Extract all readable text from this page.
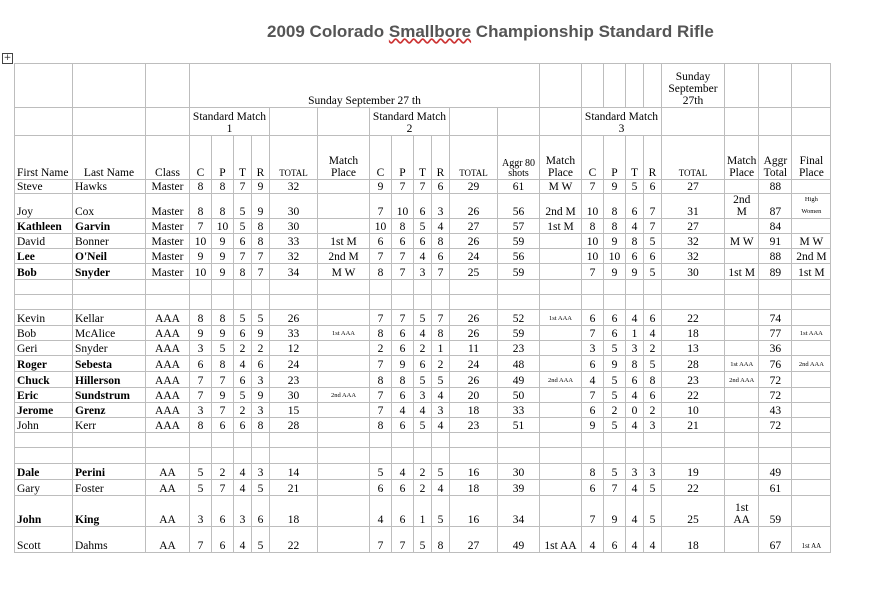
2009 Colorado Smallbore Championship Standard Rifle
+
			Sunday September 27 th																	Sunday September 27th			
			Standard Match 1						Standard Match 2							Standard Match 3							
First Name	Last Name	Class	C	P	T	R	TOTAL	Match Place	C	P	T	R	TOTAL	Aggr 80 shots	Match Place	C	P	T	R	TOTAL	Match Place	Aggr Total	Final Place
Steve	Hawks	Master	8	8	7	9	32		9	7	7	6	29	61	M W	7	9	5	6	27		88	
Joy	Cox	Master	8	8	5	9	30		7	10	6	3	26	56	2nd M	10	8	6	7	31	2nd M	87	High Women
Kathleen	Garvin	Master	7	10	5	8	30		10	8	5	4	27	57	1st M	8	8	4	7	27		84	
David	Bonner	Master	10	9	6	8	33	1st M	6	6	6	8	26	59		10	9	8	5	32	M W	91	M W
Lee	O'Neil	Master	9	9	7	7	32	2nd M	7	7	4	6	24	56		10	10	6	6	32		88	2nd M
Bob	Snyder	Master	10	9	8	7	34	M W	8	7	3	7	25	59		7	9	9	5	30	1st M	89	1st M

Kevin	Kellar	AAA	8	8	5	5	26		7	7	5	7	26	52	1st AAA	6	6	4	6	22		74	
Bob	McAlice	AAA	9	9	6	9	33	1st AAA	8	6	4	8	26	59		7	6	1	4	18		77	1st AAA
Geri	Snyder	AAA	3	5	2	2	12		2	6	2	1	11	23		3	5	3	2	13		36	
Roger	Sebesta	AAA	6	8	4	6	24		7	9	6	2	24	48		6	9	8	5	28	1st AAA	76	2nd AAA
Chuck	Hillerson	AAA	7	7	6	3	23		8	8	5	5	26	49	2nd AAA	4	5	6	8	23	2nd AAA	72	
Eric	Sundstrum	AAA	7	9	5	9	30	2nd AAA	7	6	3	4	20	50		7	5	4	6	22		72	
Jerome	Grenz	AAA	3	7	2	3	15		7	4	4	3	18	33		6	2	0	2	10		43	
John	Kerr	AAA	8	6	6	8	28		8	6	5	4	23	51		9	5	4	3	21		72	

Dale	Perini	AA	5	2	4	3	14		5	4	2	5	16	30		8	5	3	3	19		49	
Gary	Foster	AA	5	7	4	5	21		6	6	2	4	18	39		6	7	4	5	22		61	
John	King	AA	3	6	3	6	18		4	6	1	5	16	34		7	9	4	5	25	1st AA	59	
Scott	Dahms	AA	7	6	4	5	22		7	7	5	8	27	49	1st AA	4	6	4	4	18		67	1st AA
